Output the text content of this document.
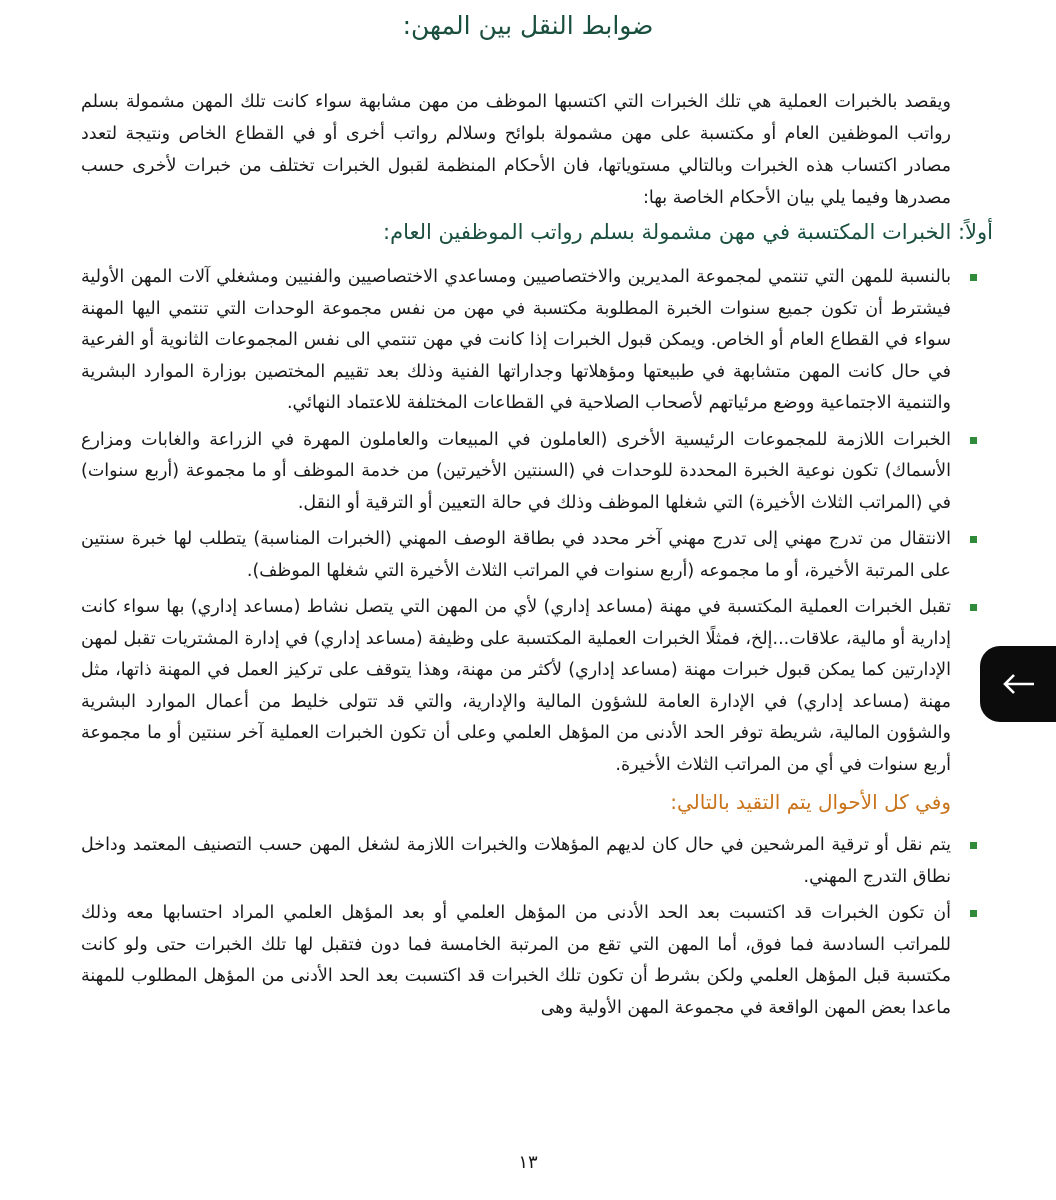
ضوابط النقل بين المهن:

ويقصد بالخبرات العملية هي تلك الخبرات التي اكتسبها الموظف من مهن مشابهة سواء كانت تلك المهن مشمولة بسلم رواتب الموظفين العام أو مكتسبة على مهن مشمولة بلوائح وسلالم رواتب أخرى أو في القطاع الخاص ونتيجة لتعدد مصادر اكتساب هذه الخبرات وبالتالي مستوياتها، فان الأحكام المنظمة لقبول الخبرات تختلف من خبرات لأخرى حسب مصدرها وفيما يلي بيان الأحكام الخاصة بها:

أولاً: الخبرات المكتسبة في مهن مشمولة بسلم رواتب الموظفين العام:
بالنسبة للمهن التي تنتمي لمجموعة المديرين والاختصاصيين ومساعدي الاختصاصيين والفنيين ومشغلي آلات المهن الأولية فيشترط أن تكون جميع سنوات الخبرة المطلوبة مكتسبة في مهن من نفس مجموعة الوحدات التي تنتمي اليها المهنة سواء في القطاع العام أو الخاص. ويمكن قبول الخبرات إذا كانت في مهن تنتمي الى نفس المجموعات الثانوية أو الفرعية في حال كانت المهن متشابهة في طبيعتها ومؤهلاتها وجداراتها الفنية وذلك بعد تقييم المختصين بوزارة الموارد البشرية والتنمية الاجتماعية ووضع مرئياتهم لأصحاب الصلاحية في القطاعات المختلفة للاعتماد النهائي.
الخبرات اللازمة للمجموعات الرئيسية الأخرى (العاملون في المبيعات والعاملون المهرة في الزراعة والغابات ومزارع الأسماك) تكون نوعية الخبرة المحددة للوحدات في (السنتين الأخيرتين) من خدمة الموظف أو ما مجموعة (أربع سنوات) في (المراتب الثلاث الأخيرة) التي شغلها الموظف وذلك في حالة التعيين أو الترقية أو النقل.
الانتقال من تدرج مهني إلى تدرج مهني آخر محدد في بطاقة الوصف المهني (الخبرات المناسبة) يتطلب لها خبرة سنتين على المرتبة الأخيرة، أو ما مجموعه (أربع سنوات في المراتب الثلاث الأخيرة التي شغلها الموظف).
تقبل الخبرات العملية المكتسبة في مهنة (مساعد إداري) لأي من المهن التي يتصل نشاط (مساعد إداري) بها سواء كانت إدارية أو مالية، علاقات...إلخ، فمثلًا الخبرات العملية المكتسبة على وظيفة (مساعد إداري) في إدارة المشتريات تقبل لمهن الإدارتين كما يمكن قبول خبرات مهنة (مساعد إداري) لأكثر من مهنة، وهذا يتوقف على تركيز العمل في المهنة ذاتها، مثل مهنة (مساعد إداري) في الإدارة العامة للشؤون المالية والإدارية، والتي قد تتولى خليط من أعمال الموارد البشرية والشؤون المالية، شريطة توفر الحد الأدنى من المؤهل العلمي وعلى أن تكون الخبرات العملية آخر سنتين أو ما مجموعة أربع سنوات في أي من المراتب الثلاث الأخيرة.
وفي كل الأحوال يتم التقيد بالتالي:
يتم نقل أو ترقية المرشحين في حال كان لديهم المؤهلات والخبرات اللازمة لشغل المهن حسب التصنيف المعتمد وداخل نطاق التدرج المهني.
أن تكون الخبرات قد اكتسبت بعد الحد الأدنى من المؤهل العلمي أو بعد المؤهل العلمي المراد احتسابها معه وذلك للمراتب السادسة فما فوق، أما المهن التي تقع من المرتبة الخامسة فما دون فتقبل لها تلك الخبرات حتى ولو كانت مكتسبة قبل المؤهل العلمي ولكن بشرط أن تكون تلك الخبرات قد اكتسبت بعد الحد الأدنى من المؤهل المطلوب للمهنة ماعدا بعض المهن الواقعة في مجموعة المهن الأولية وهى
١٣
